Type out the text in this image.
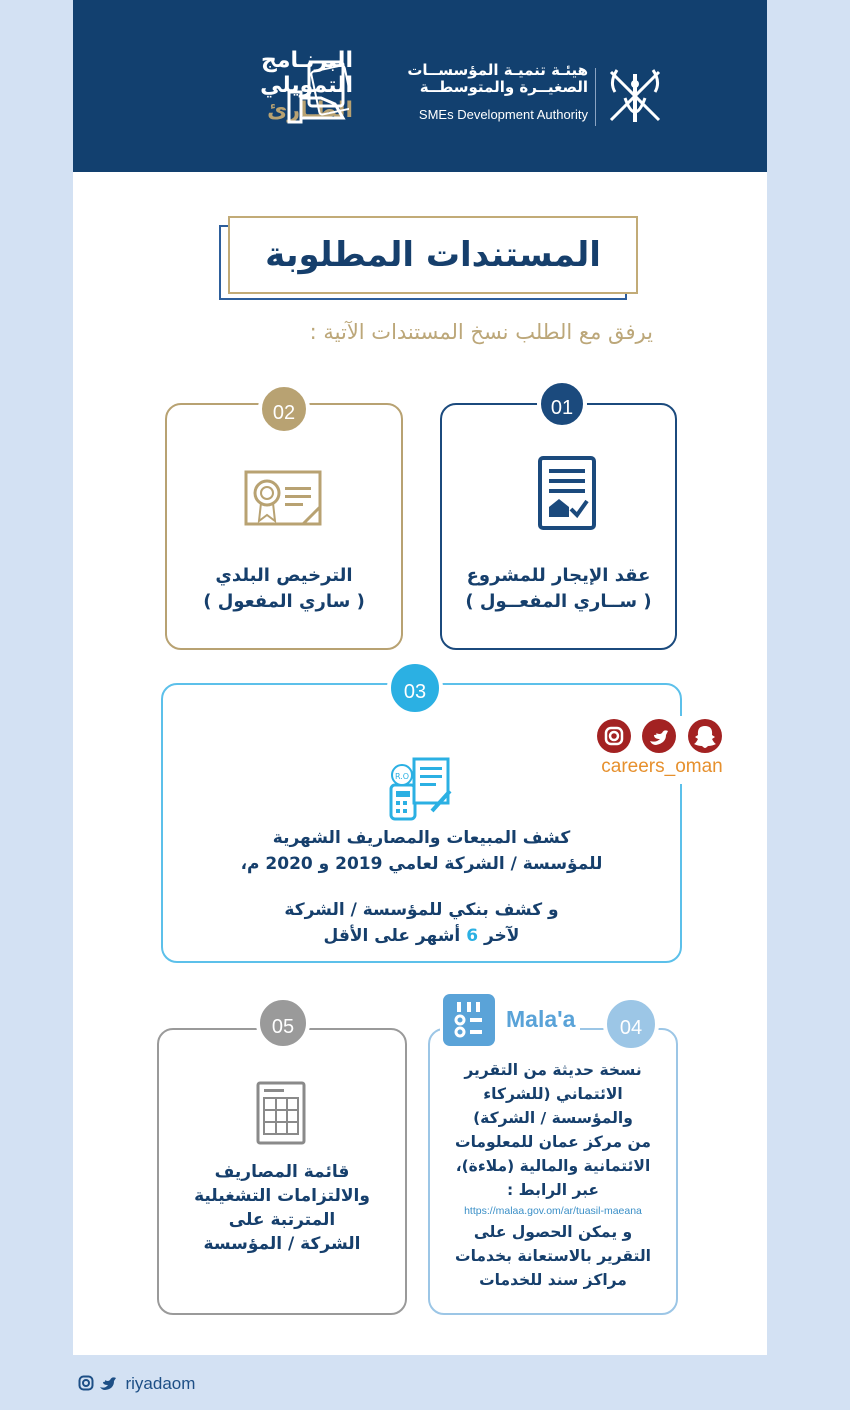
البرنـامج
التمويلي
الطـارئ
هيئـة تنميـة المؤسســات
الصغيــرة والمتوسطــة
SMEs Development Authority
المستندات المطلوبة
يرفق مع الطلب نسخ المستندات الآتية :
عقد الإيجار للمشروع
( ســاري المفعــول )
01
الترخيص البلدي
( ساري المفعول )
02
R.O
كشف المبيعات والمصاريف الشهرية
للمؤسسة / الشركة لعامي 2019 و 2020 م،
و كشف بنكي للمؤسسة / الشركة
لآخر 6 أشهر على الأقل
03
careers_oman
قائمة المصاريف
والالتزامات التشغيلية
المترتبة على
الشركة / المؤسسة
05
نسخة حديثة من التقرير
الائتماني (للشركاء
والمؤسسة / الشركة)
من مركز عمان للمعلومات
الائتمانية والمالية (ملاءة)،
عبر الرابط :
https://malaa.gov.om/ar/tuasil-maeana
و يمكن الحصول على
التقرير بالاستعانة بخدمات
مراكز سند للخدمات
Mala'a	04
riyadaom
